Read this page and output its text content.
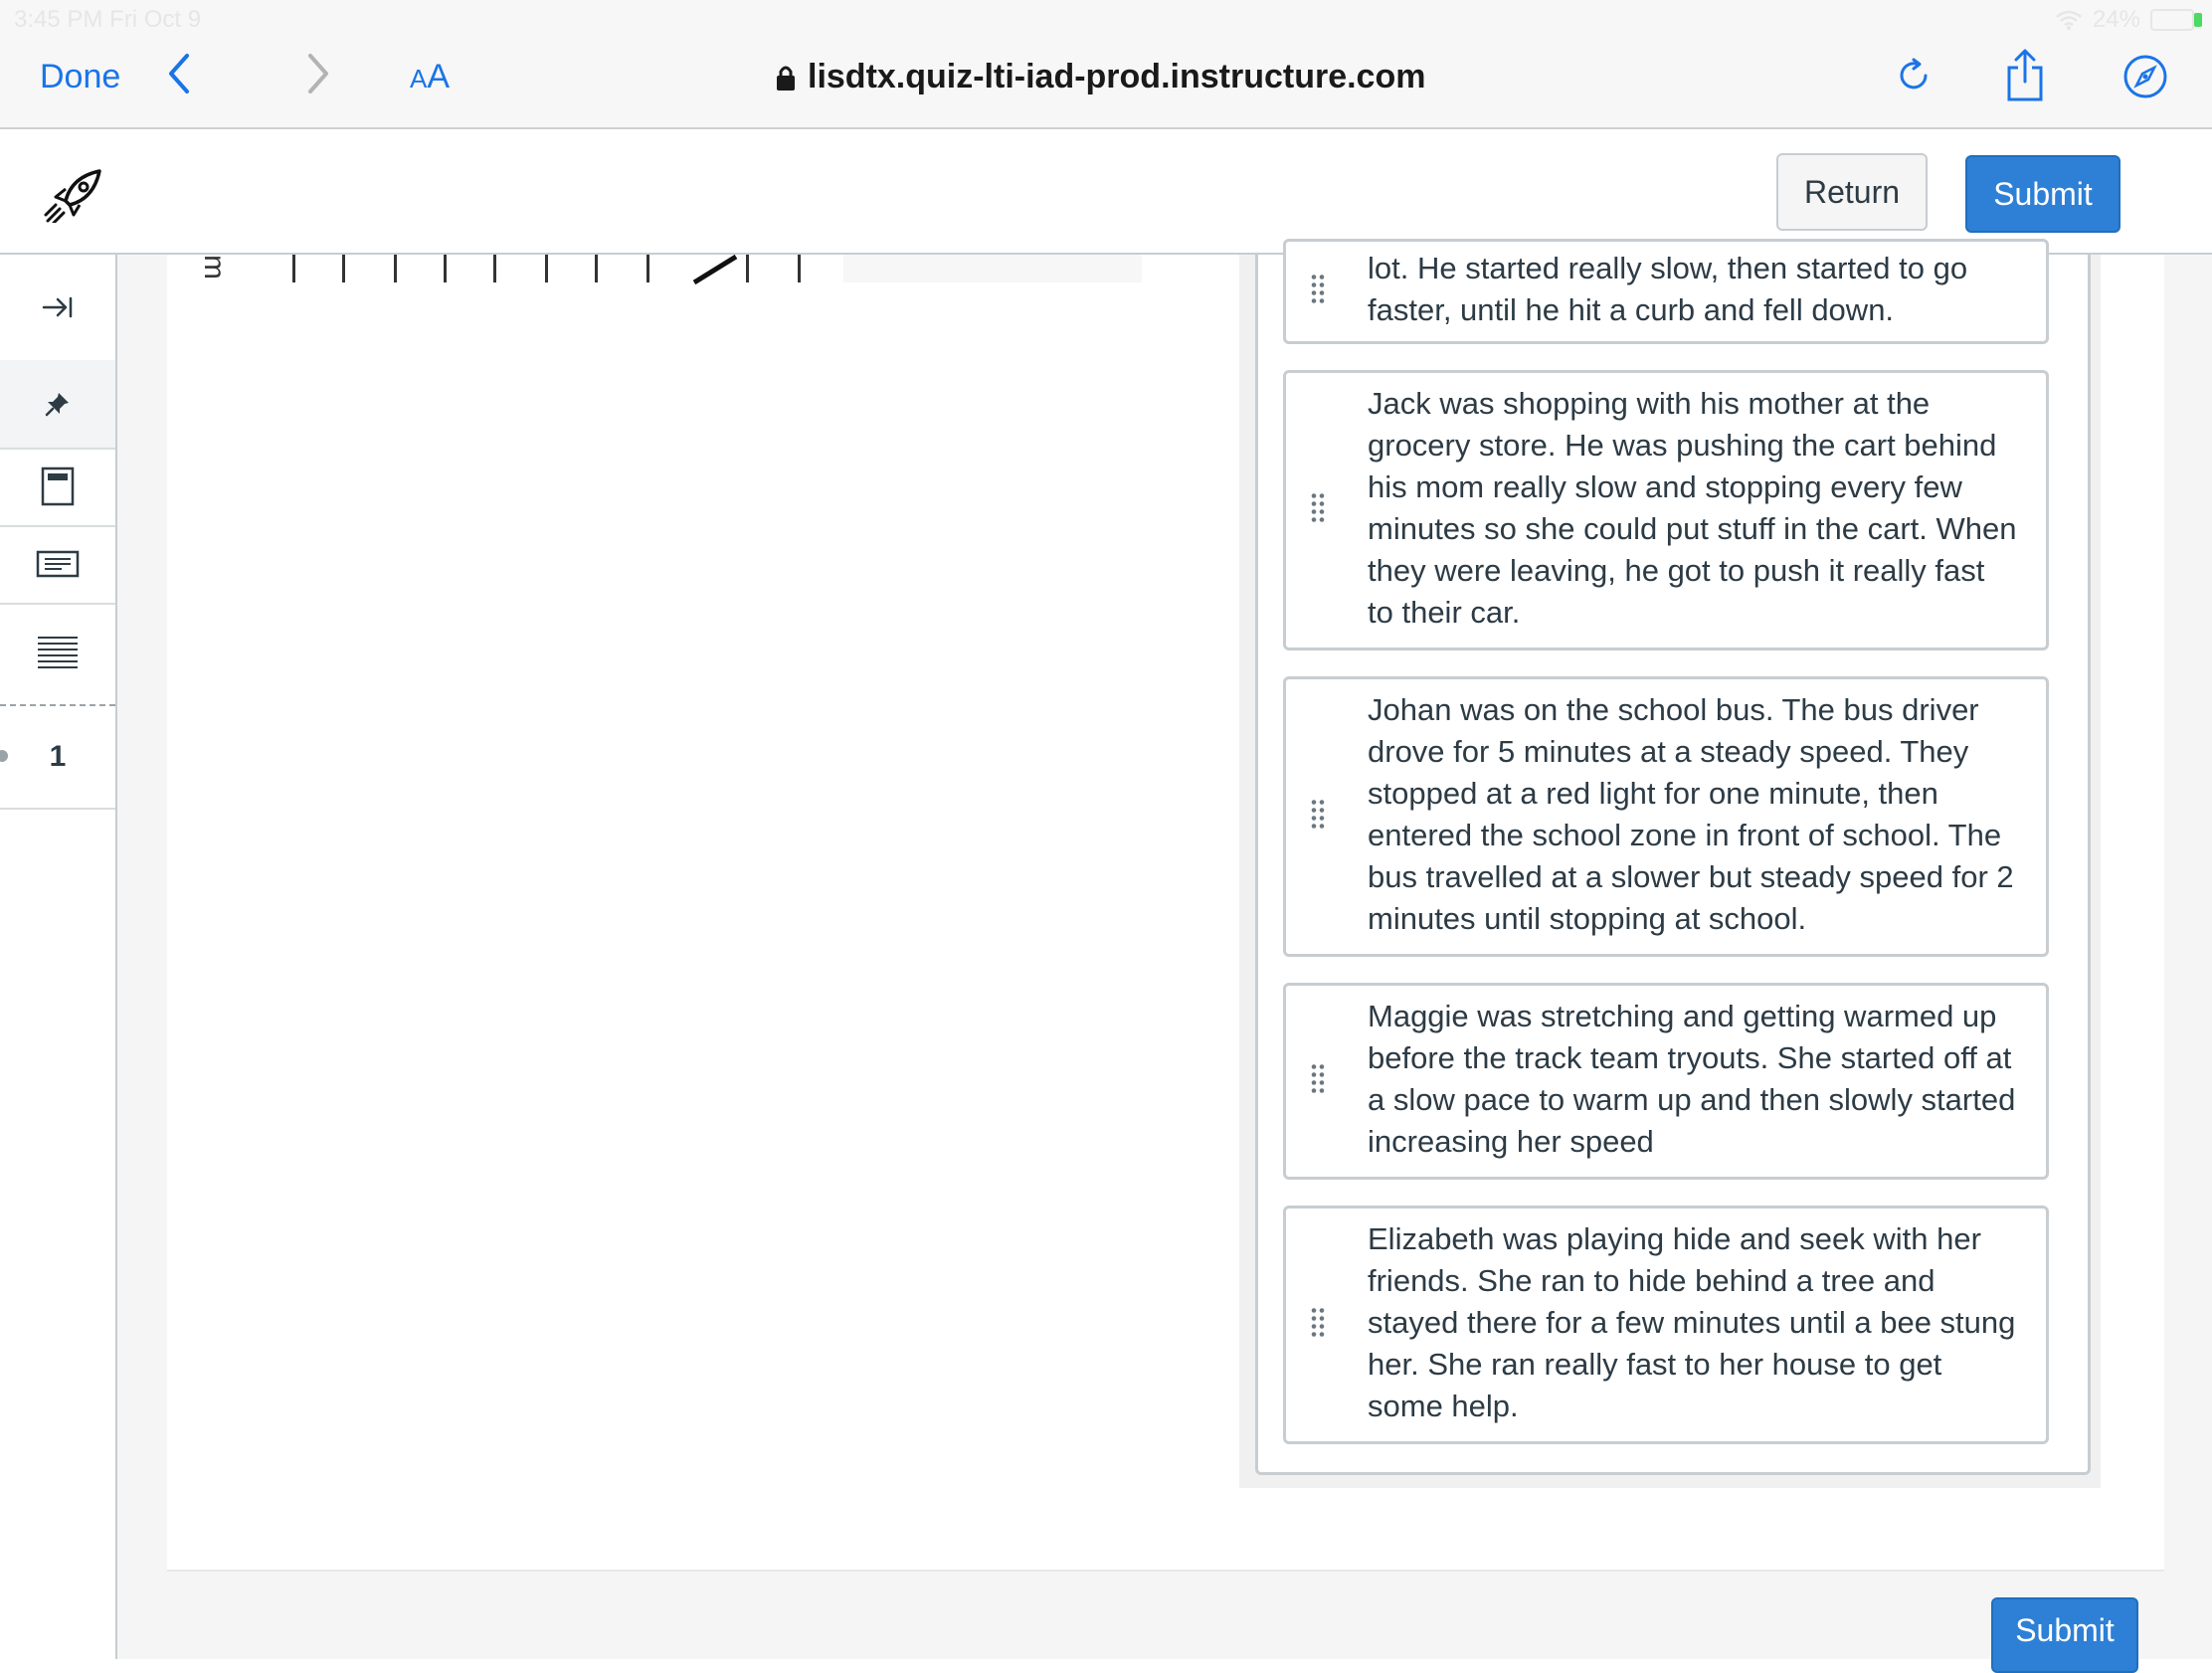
3:45 PM Fri Oct 9	24%
Done	AA	lisdtx.quiz-lti-iad-prod.instructure.com
Return	Submit
m
1
lot. He started really slow, then started to go faster, until he hit a curb and fell down.
Jack was shopping with his mother at the grocery store. He was pushing the cart behind his mom really slow and stopping every few minutes so she could put stuff in the cart. When they were leaving, he got to push it really fast to their car.
Johan was on the school bus. The bus driver drove for 5 minutes at a steady speed. They stopped at a red light for one minute, then entered the school zone in front of school. The bus travelled at a slower but steady speed for 2 minutes until stopping at school.
Maggie was stretching and getting warmed up before the track team tryouts. She started off at a slow pace to warm up and then slowly started increasing her speed
Elizabeth was playing hide and seek with her friends. She ran to hide behind a tree and stayed there for a few minutes until a bee stung her. She ran really fast to her house to get some help.
Submit
